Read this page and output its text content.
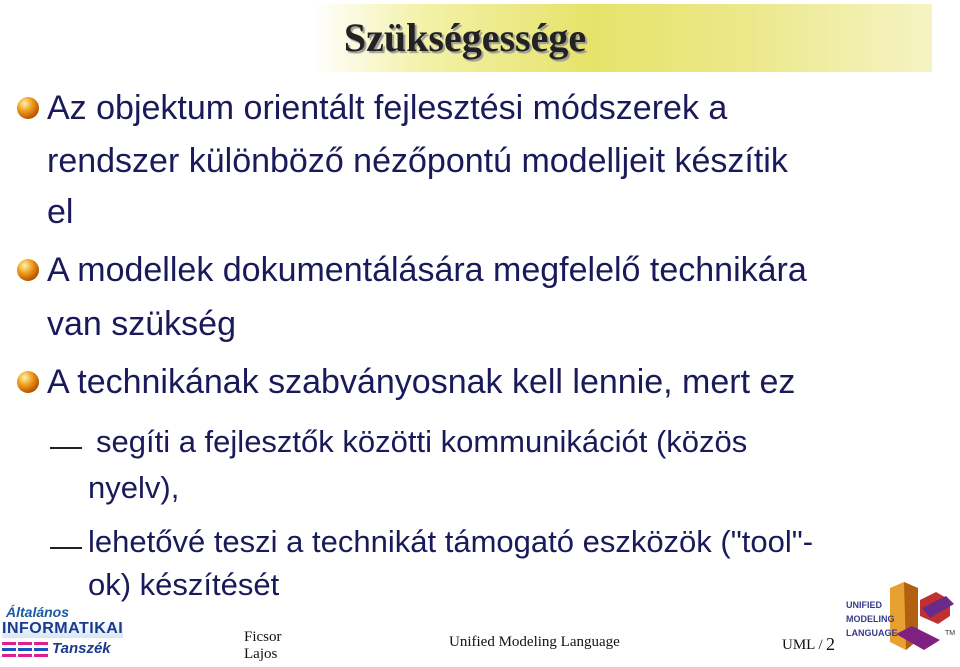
Szükségessége
Az objektum orientált fejlesztési módszerek a
rendszer különböző nézőpontú modelljeit készítik
el
A modellek dokumentálására megfelelő technikára
van szükség
A technikának szabványosnak kell lennie, mert ez
segíti a fejlesztők közötti kommunikációt (közös
nyelv),
lehetővé teszi a technikát támogató eszközök ("tool"-
ok) készítését
Általános
INFORMATIKAI
Tanszék
Ficsor
Lajos
Unified Modeling Language	UML / 2
UNIFIED
MODELING
LANGUAGE	TM
